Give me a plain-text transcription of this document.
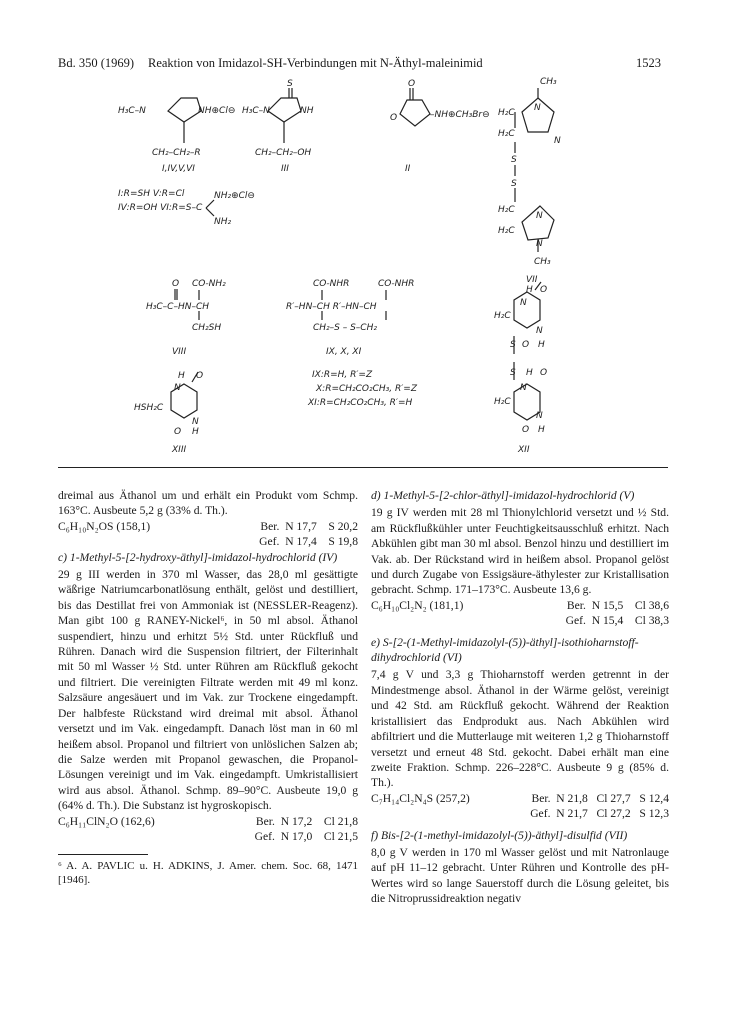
Bd. 350 (1969) Reaktion von Imidazol-SH-Verbindungen mit N-Äthyl-maleinimid	1523
H₃C–N	NH⊕Cl⊖
CH₂–CH₂–R
I,IV,V,VI
S
H₃C–N	NH
CH₂–CH₂–OH
III
O
O	–NH⊕CH₃Br⊖
II
CH₃
N
H₂C
H₂C
N
S
S
H₂C
N
H₂C
N
CH₃
VII
I:R=SH V:R=Cl
IV:R=OH VI:R=S–C
NH₂⊕Cl⊖
NH₂
O CO-NH₂
H₃C–C–HN–CH
CH₂SH
VIII
CO-NHR	CO-NHR
R′–HN–CH R′–HN–CH
CH₂–S – S–CH₂
IX, X, XI
IX:R=H, R′=Z
X:R=CH₂CO₂CH₃, R′=Z
XI:R=CH₂CO₂CH₃, R′=H
H O
N
H₂C
N
S O H
S H O
N
H₂C
N
O H
XII
H O
N
HSH₂C
N
O H
XIII

dreimal aus Äthanol um und erhält ein Produkt vom Schmp. 163°C. Ausbeute 5,2 g (33% d. Th.).

C₆H₁₀N₂OS (158,1)	Ber.  N 17,7    S 20,2
Gef.  N 17,4    S 19,8

c) 1-Methyl-5-[2-hydroxy-äthyl]-imidazol-hydrochlorid (IV)

29 g III werden in 370 ml Wasser, das 28,0 ml gesättigte wäßrige Natriumcarbonatlösung enthält, gelöst und destilliert, bis das Destillat frei von Ammoniak ist (NESSLER-Reagenz). Man gibt 100 g RANEY-Nickel⁶, in 50 ml absol. Äthanol suspendiert, hinzu und erhitzt 5½ Std. unter Rückfluß und Rühren. Danach wird die Suspension filtriert, der Filterinhalt mit 50 ml Wasser ½ Std. unter Rühren am Rückfluß gekocht und filtriert. Die vereinigten Filtrate werden mit 49 ml konz. Salzsäure angesäuert und im Vak. zur Trockene eingedampft. Der halbfeste Rückstand wird dreimal mit absol. Äthanol versetzt und im Vak. eingedampft. Danach löst man in 60 ml heißem absol. Propanol und filtriert von unlöslichen Salzen ab; die Salze werden mit Propanol gewaschen, die Propanol-Lösungen vereinigt und im Vak. eingedampft. Umkristallisiert wird aus absol. Äthanol. Schmp. 89–90°C. Ausbeute 19,0 g (64% d. Th.). Die Substanz ist hygroskopisch.

C₆H₁₁ClN₂O (162,6)	Ber.  N 17,2    Cl 21,8
Gef.  N 17,0    Cl 21,5

⁶ A. A. PAVLIC u. H. ADKINS, J. Amer. chem. Soc. 68, 1471 [1946].

d) 1-Methyl-5-[2-chlor-äthyl]-imidazol-hydrochlorid (V)

19 g IV werden mit 28 ml Thionylchlorid versetzt und ½ Std. am Rückflußkühler unter Feuchtigkeitsausschluß erhitzt. Nach Abkühlen gibt man 30 ml absol. Benzol hinzu und destilliert im Vak. ab. Der Rückstand wird in heißem absol. Propanol gelöst und durch Zugabe von Essigsäure-äthylester zur Kristallisation gebracht. Schmp. 171–173°C. Ausbeute 13,6 g.

C₆H₁₀Cl₂N₂ (181,1)	Ber.  N 15,5    Cl 38,6
Gef.  N 15,4    Cl 38,3

e) S-[2-(1-Methyl-imidazolyl-(5))-äthyl]-isothioharnstoff-dihydrochlorid (VI)

7,4 g V und 3,3 g Thioharnstoff werden getrennt in der Mindestmenge absol. Äthanol in der Wärme gelöst, vereinigt und 42 Std. am Rückfluß gekocht. Während der Reaktion kristallisiert das Endprodukt aus. Nach Abkühlen wird abfiltriert und die Mutterlauge mit weiteren 1,2 g Thioharnstoff versetzt und erneut 48 Std. gekocht. Dabei erhält man eine zweite Fraktion. Schmp. 226–228°C. Ausbeute 9 g (85% d. Th.).

C₇H₁₄Cl₂N₄S (257,2)	Ber.  N 21,8   Cl 27,7   S 12,4
Gef.  N 21,7   Cl 27,2   S 12,3

f) Bis-[2-(1-methyl-imidazolyl-(5))-äthyl]-disulfid (VII)

8,0 g V werden in 170 ml Wasser gelöst und mit Natronlauge auf pH 11–12 gebracht. Unter Rühren und Kontrolle des pH-Wertes wird so lange Sauerstoff durch die Lösung geleitet, bis die Nitroprussidreaktion negativ
